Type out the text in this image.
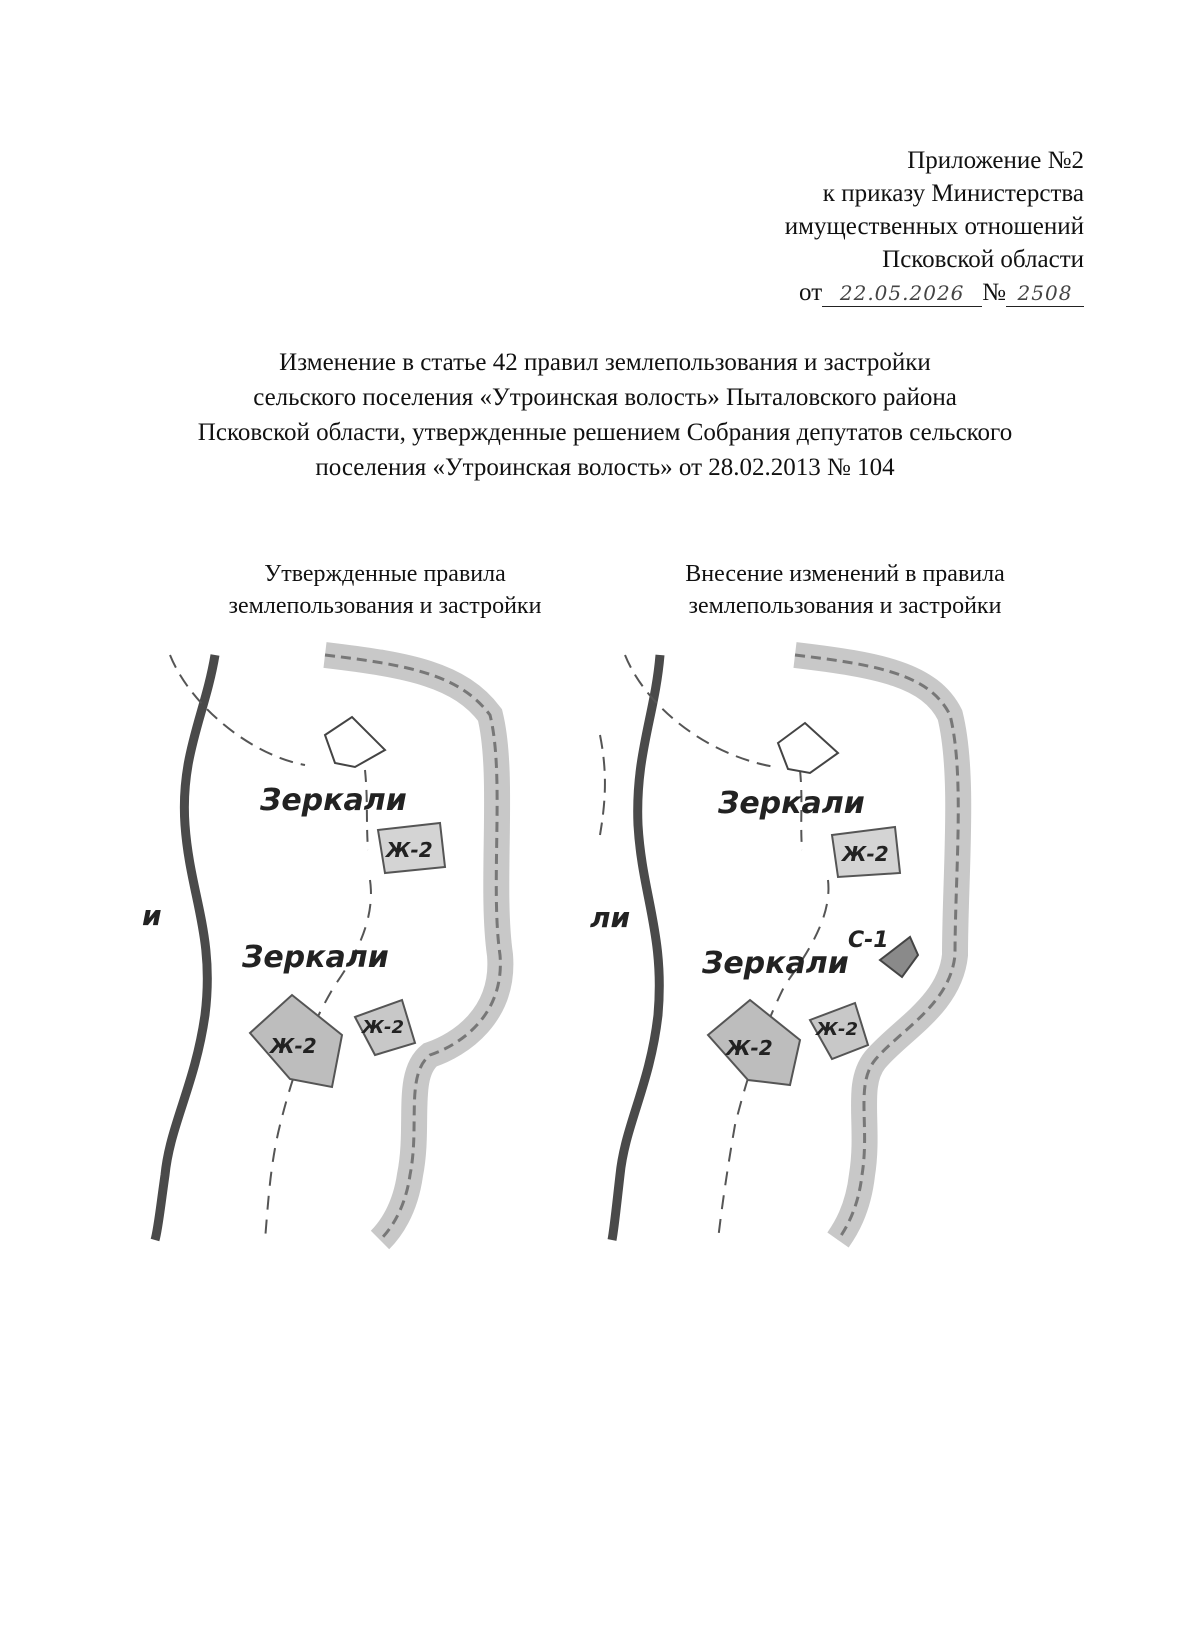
Приложение №2
к приказу Министерства
имущественных отношений
Псковской области
от 22.05.2026 № 2508
Изменение в статье 42 правил землепользования и застройки
сельского поселения «Утроинская волость» Пыталовского района
Псковской области, утвержденные решением Собрания депутатов сельского
поселения «Утроинская волость» от 28.02.2013 № 104
Утвержденные правила
землепользования и застройки
Внесение изменений в правила
землепользования и застройки
Зеркали
Зеркали
Ж-2
Ж-2
Ж-2
и
Зеркали
Зеркали
Ж-2
Ж-2
Ж-2
С-1
ли
